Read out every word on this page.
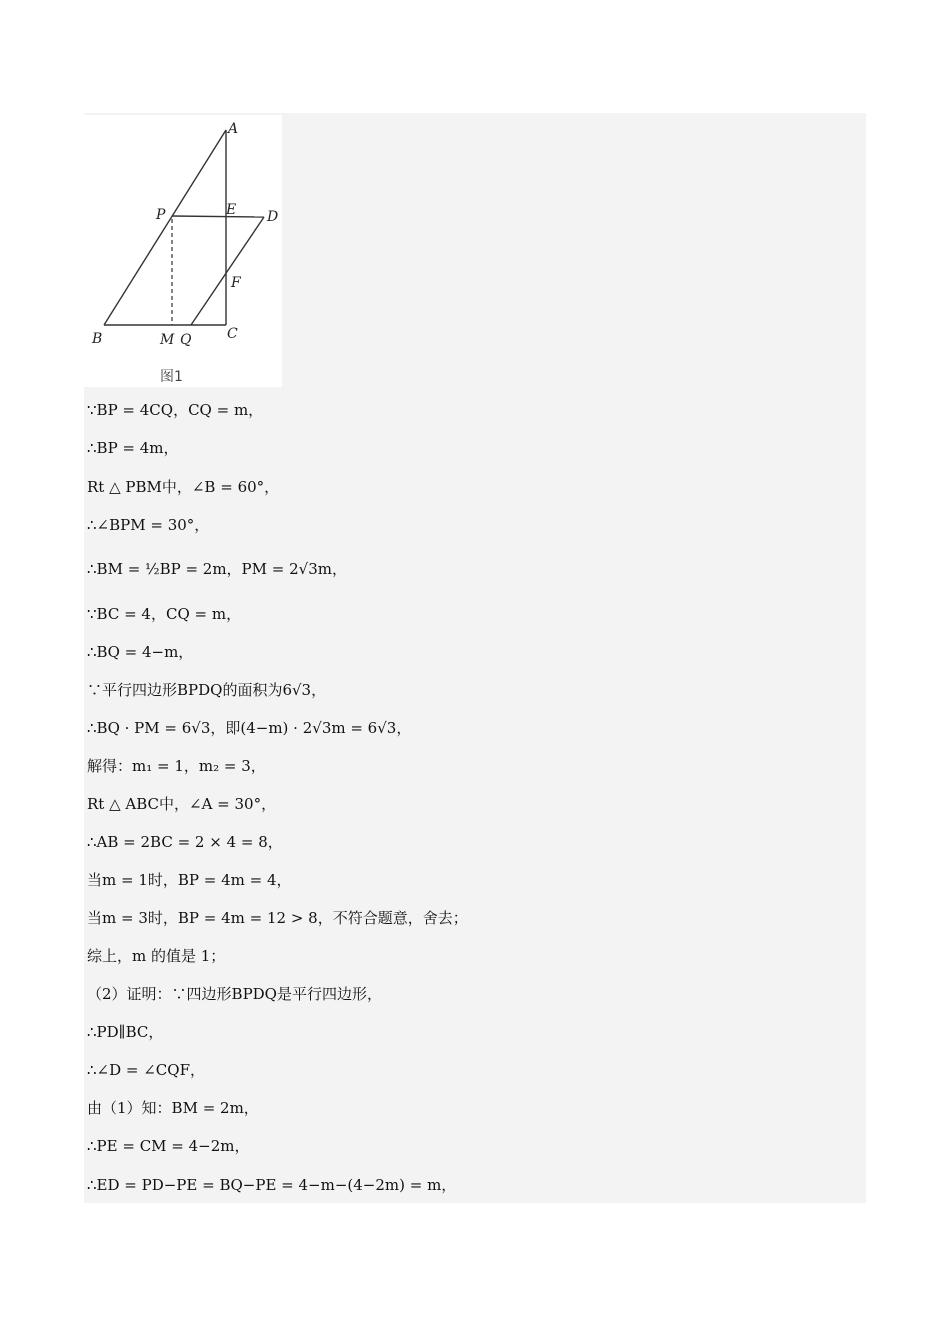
A
B	C
D
E
F
P
M Q
图1
∵BP = 4CQ，CQ = m，
∴BP = 4m，
Rt △ PBM中，∠B = 60°，
∴∠BPM = 30°，
∴BM = ½BP = 2m，PM = 2√3m，
∵BC = 4，CQ = m，
∴BQ = 4−m，
∵平行四边形BPDQ的面积为6√3，
∴BQ · PM = 6√3，即(4−m) · 2√3m = 6√3，
解得：m₁ = 1，m₂ = 3，
Rt △ ABC中，∠A = 30°，
∴AB = 2BC = 2 × 4 = 8，
当m = 1时，BP = 4m = 4，
当m = 3时，BP = 4m = 12 > 8，不符合题意，舍去；
综上，m 的值是 1；
（2）证明：∵四边形BPDQ是平行四边形，
∴PD∥BC，
∴∠D = ∠CQF，
由（1）知：BM = 2m，
∴PE = CM = 4−2m，
∴ED = PD−PE = BQ−PE = 4−m−(4−2m) = m，
